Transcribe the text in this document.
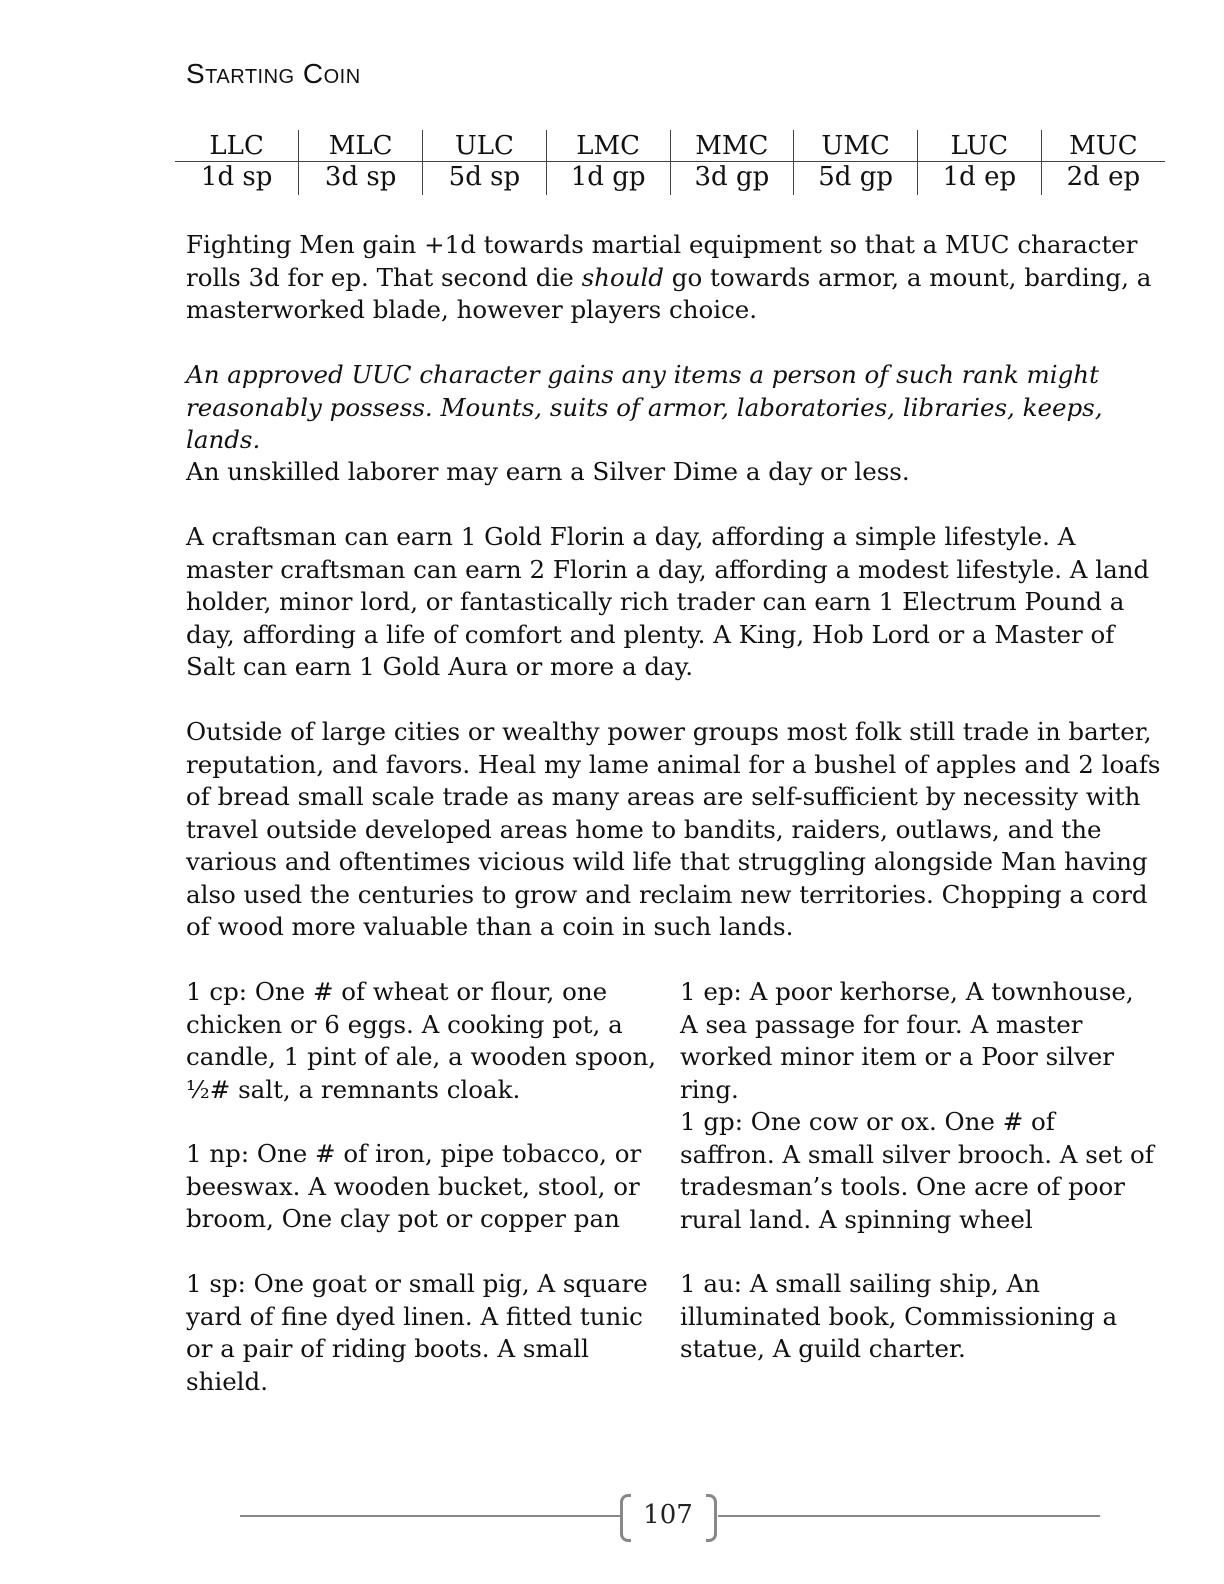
Starting Coin
LLC	MLC	ULC	LMC	MMC	UMC	LUC	MUC
1d sp	3d sp	5d sp	1d gp	3d gp	5d gp	1d ep	2d ep

Fighting Men gain +1d towards martial equipment so that a MUC character rolls 3d for ep. That second die should go towards armor, a mount, barding, a masterworked blade, however players choice.

An approved UUC character gains any items a person of such rank might reasonably possess. Mounts, suits of armor, laboratories, libraries, keeps, lands.

An unskilled laborer may earn a Silver Dime a day or less.

A craftsman can earn 1 Gold Florin a day, affording a simple lifestyle. A master craftsman can earn 2 Florin a day, affording a modest lifestyle. A land holder, minor lord, or fantastically rich trader can earn 1 Electrum Pound a day, affording a life of comfort and plenty. A King, Hob Lord or a Master of Salt can earn 1 Gold Aura or more a day.

Outside of large cities or wealthy power groups most folk still trade in barter, reputation, and favors. Heal my lame animal for a bushel of apples and 2 loafs of bread small scale trade as many areas are self-sufficient by necessity with travel outside developed areas home to bandits, raiders, outlaws, and the various and oftentimes vicious wild life that struggling alongside Man having also used the centuries to grow and reclaim new territories. Chopping a cord of wood more valuable than a coin in such lands.

1 cp: One # of wheat or flour, one chicken or 6 eggs. A cooking pot, a candle, 1 pint of ale, a wooden spoon, ½# salt, a remnants cloak.

1 np: One # of iron, pipe tobacco, or beeswax. A wooden bucket, stool, or broom, One clay pot or copper pan

1 sp: One goat or small pig, A square yard of fine dyed linen. A fitted tunic or a pair of riding boots. A small shield.

1 ep: A poor kerhorse, A townhouse, A sea passage for four. A master worked minor item or a Poor silver ring.

1 gp: One cow or ox. One # of saffron. A small silver brooch. A set of tradesman’s tools. One acre of poor rural land. A spinning wheel

1 au: A small sailing ship, An illuminated book, Commissioning a statue, A guild charter.

107
